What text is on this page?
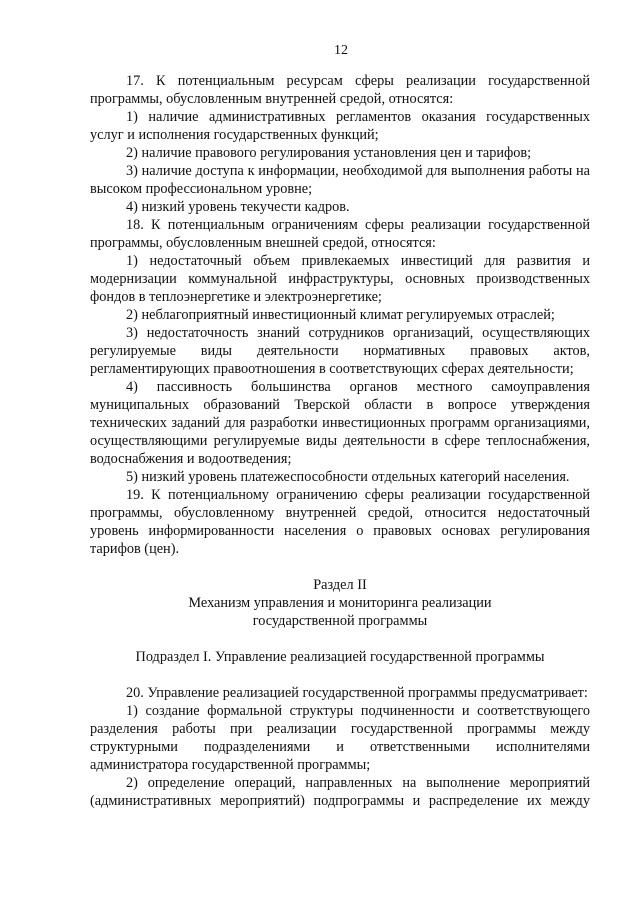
12

17. К потенциальным ресурсам сферы реализации государственной программы, обусловленным внутренней средой, относятся:

1) наличие административных регламентов оказания государственных услуг и исполнения государственных функций;

2) наличие правового регулирования установления цен и тарифов;

3) наличие доступа к информации, необходимой для выполнения работы на высоком профессиональном уровне;

4) низкий уровень текучести кадров.

18. К потенциальным ограничениям сферы реализации государственной программы, обусловленным внешней средой, относятся:

1) недостаточный объем привлекаемых инвестиций для развития и модернизации коммунальной инфраструктуры, основных производственных фондов в теплоэнергетике и электроэнергетике;

2) неблагоприятный инвестиционный климат регулируемых отраслей;

3) недостаточность знаний сотрудников организаций, осуществляющих регулируемые виды деятельности нормативных правовых актов, регламентирующих правоотношения в соответствующих сферах деятельности;

4) пассивность большинства органов местного самоуправления муниципальных образований Тверской области в вопросе утверждения технических заданий для разработки инвестиционных программ организациями, осуществляющими регулируемые виды деятельности в сфере теплоснабжения, водоснабжения и водоотведения;

5) низкий уровень платежеспособности отдельных категорий населения.

19. К потенциальному ограничению сферы реализации государственной программы, обусловленному внутренней средой, относится недостаточный уровень информированности населения о правовых основах регулирования тарифов (цен).

Раздел II

Механизм управления и мониторинга реализации

государственной программы

Подраздел I. Управление реализацией государственной программы

20. Управление реализацией государственной программы предусматривает:

1) создание формальной структуры подчиненности и соответствующего разделения работы при реализации государственной программы между структурными подразделениями и ответственными исполнителями администратора государственной программы;

2) определение операций, направленных на выполнение мероприятий (административных мероприятий) подпрограммы и распределение их между
